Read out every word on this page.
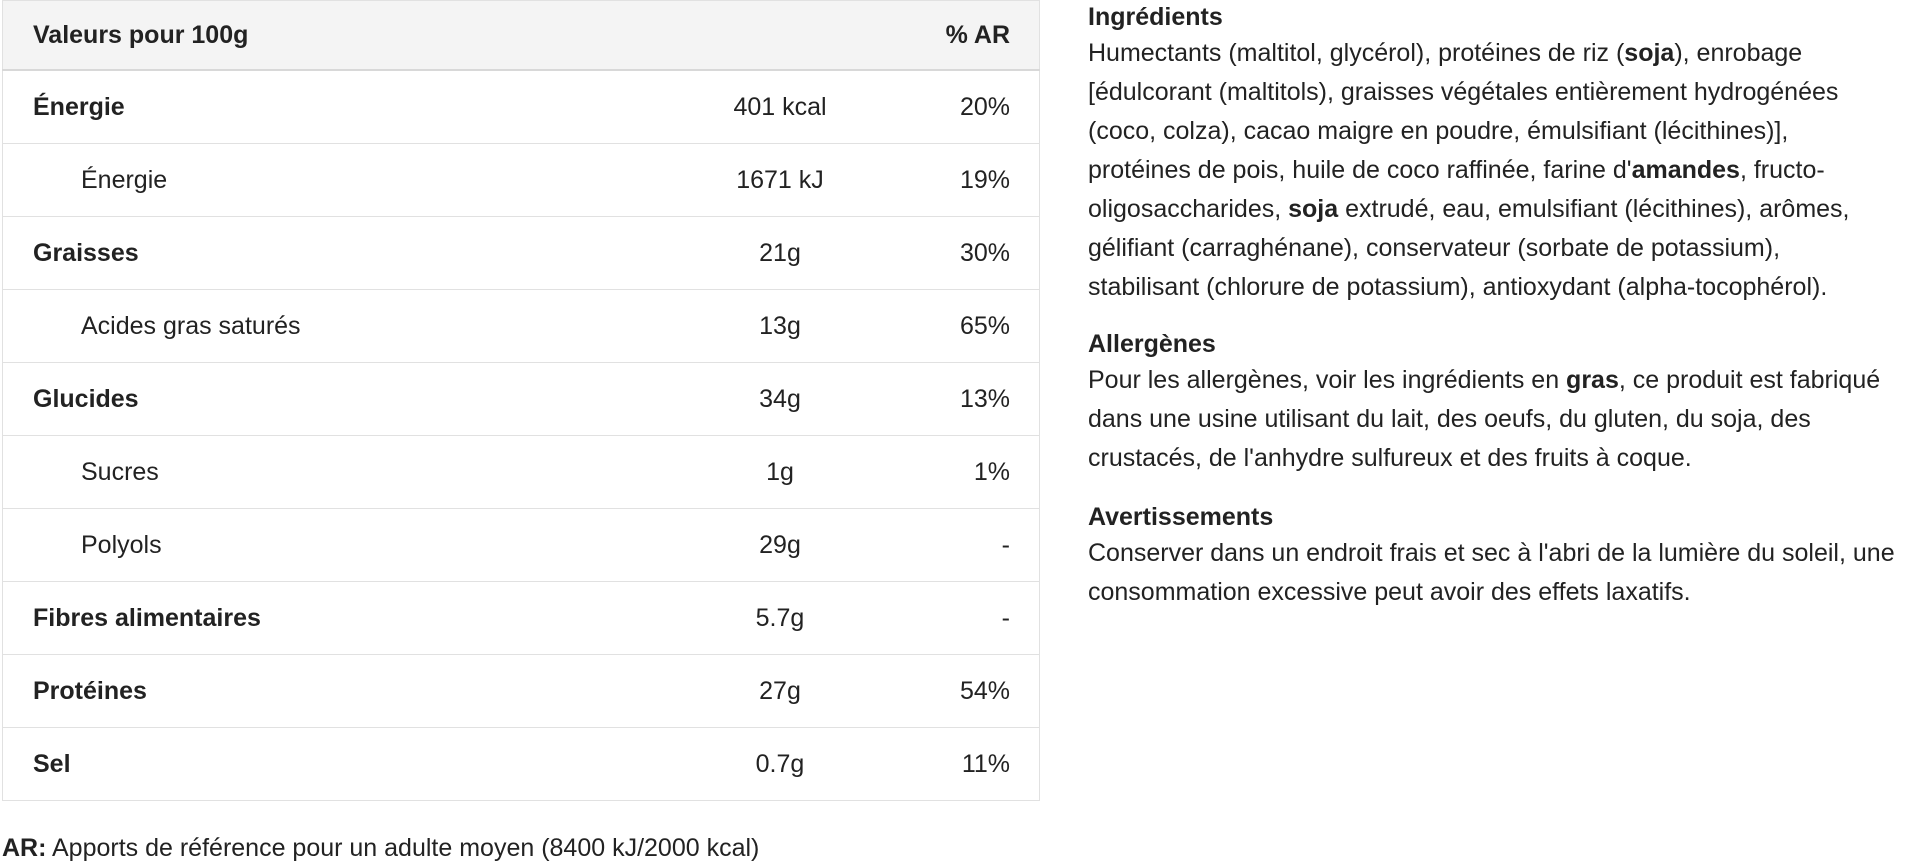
Valeurs pour 100g		% AR
Énergie	401 kcal	20%
Énergie	1671 kJ	19%
Graisses	21g	30%
Acides gras saturés	13g	65%
Glucides	34g	13%
Sucres	1g	1%
Polyols	29g	-
Fibres alimentaires	5.7g	-
Protéines	27g	54%
Sel	0.7g	11%

AR: Apports de référence pour un adulte moyen (8400 kJ/2000 kcal)

Ingrédients

Humectants (maltitol, glycérol), protéines de riz (soja), enrobage [édulcorant (maltitols), graisses végétales entièrement hydrogénées (coco, colza), cacao maigre en poudre, émulsifiant (lécithines)], protéines de pois, huile de coco raffinée, farine d'amandes, fructo-oligosaccharides, soja extrudé, eau, emulsifiant (lécithines), arômes, gélifiant (carraghénane), conservateur (sorbate de potassium), stabilisant (chlorure de potassium), antioxydant (alpha-tocophérol).

Allergènes

Pour les allergènes, voir les ingrédients en gras, ce produit est fabriqué dans une usine utilisant du lait, des oeufs, du gluten, du soja, des crustacés, de l'anhydre sulfureux et des fruits à coque.

Avertissements

Conserver dans un endroit frais et sec à l'abri de la lumière du soleil, une consommation excessive peut avoir des effets laxatifs.
